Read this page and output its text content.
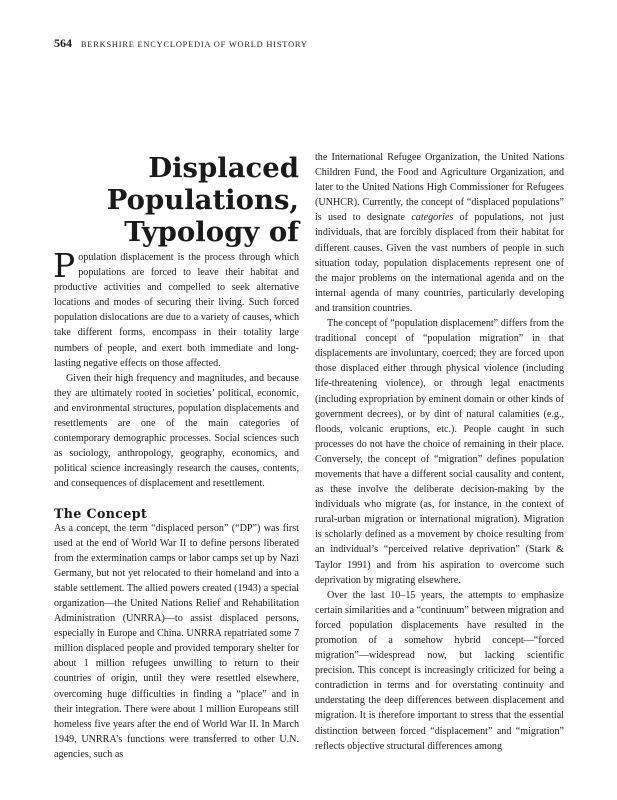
564 BERKSHIRE ENCYCLOPEDIA OF WORLD HISTORY
Displaced
Populations,
Typology of

Population displacement is the process through which populations are forced to leave their habitat and productive activities and compelled to seek alternative locations and modes of securing their living. Such forced population dislocations are due to a variety of causes, which take different forms, encompass in their totality large numbers of people, and exert both immediate and long-lasting negative effects on those affected.

Given their high frequency and magnitudes, and because they are ultimately rooted in societies’ political, economic, and environmental structures, population displacements and resettlements are one of the main categories of contemporary demographic processes. Social sciences such as sociology, anthropology, geography, economics, and political science increasingly research the causes, contents, and consequences of displacement and resettlement.

The Concept

As a concept, the term “displaced person” (“DP”) was first used at the end of World War II to define persons liberated from the extermination camps or labor camps set up by Nazi Germany, but not yet relocated to their homeland and into a stable settlement. The allied powers created (1943) a special organization—the United Nations Relief and Rehabilitation Administration (UNRRA)—to assist displaced persons, especially in Europe and China. UNRRA repatriated some 7 million displaced people and provided temporary shelter for about 1 million refugees unwilling to return to their countries of origin, until they were resettled elsewhere, overcoming huge difficulties in finding a “place” and in their integration. There were about 1 million Europeans still homeless five years after the end of World War II. In March 1949, UNRRA’s functions were transferred to other U.N. agencies, such as

the International Refugee Organization, the United Nations Children Fund, the Food and Agriculture Organization, and later to the United Nations High Commissioner for Refugees (UNHCR). Currently, the concept of “displaced populations” is used to designate categories of populations, not just individuals, that are forcibly displaced from their habitat for different causes. Given the vast numbers of people in such situation today, population displacements represent one of the major problems on the international agenda and on the internal agenda of many countries, particularly developing and transition countries.

The concept of “population displacement” differs from the traditional concept of “population migration” in that displacements are involuntary, coerced; they are forced upon those displaced either through physical violence (including life-threatening violence), or through legal enactments (including expropriation by eminent domain or other kinds of government decrees), or by dint of natural calamities (e.g., floods, volcanic eruptions, etc.). People caught in such processes do not have the choice of remaining in their place. Conversely, the concept of “migration” defines population movements that have a different social causality and content, as these involve the deliberate decision-making by the individuals who migrate (as, for instance, in the context of rural-urban migration or international migration). Migration is scholarly defined as a movement by choice resulting from an individual’s “perceived relative deprivation” (Stark & Taylor 1991) and from his aspiration to overcome such deprivation by migrating elsewhere.

Over the last 10–15 years, the attempts to emphasize certain similarities and a “continuum” between migration and forced population displacements have resulted in the promotion of a somehow hybrid concept—“forced migration”—widespread now, but lacking scientific precision. This concept is increasingly criticized for being a contradiction in terms and for overstating continuity and understating the deep differences between displacement and migration. It is therefore important to stress that the essential distinction between forced “displacement” and “migration” reflects objective structural differences among
